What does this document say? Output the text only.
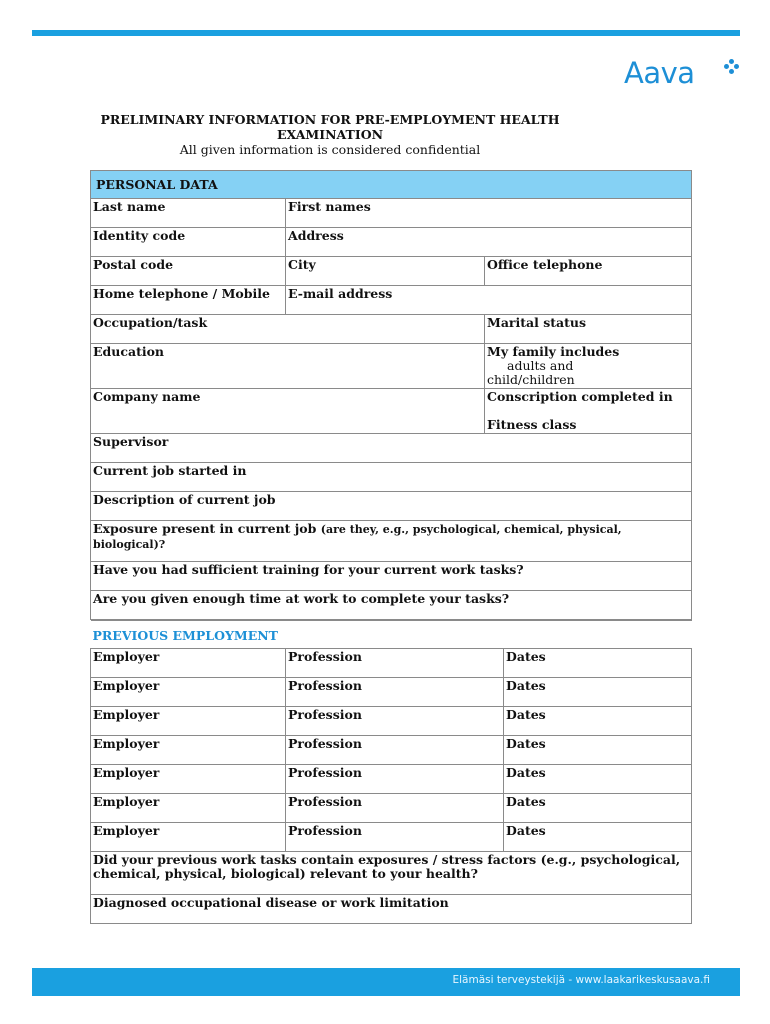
Aava
PRELIMINARY INFORMATION FOR PRE-EMPLOYMENT HEALTH
EXAMINATION
All given information is considered confidential
PERSONAL DATA		
Last name	First names	
Identity code	Address	
Postal code	City	Office telephone
Home telephone / Mobile	E-mail address	
Occupation/task		Marital status
Education		My family includes
adults and
child/children

Company name		Conscription completed in
Fitness class

Supervisor		
Current job started in		
Description of current job		
Exposure present in current job (are they, e.g., psychological, chemical, physical, biological)?		
Have you had sufficient training for your current work tasks?		
Are you given enough time at work to complete your tasks?		
PREVIOUS EMPLOYMENT		
Employer	Profession	Dates
Employer	Profession	Dates
Employer	Profession	Dates
Employer	Profession	Dates
Employer	Profession	Dates
Employer	Profession	Dates
Employer	Profession	Dates
Did your previous work tasks contain exposures / stress factors (e.g., psychological, chemical, physical, biological) relevant to your health?		
Diagnosed occupational disease or work limitation		
Elämäsi terveystekijä - www.laakarikeskusaava.fi
